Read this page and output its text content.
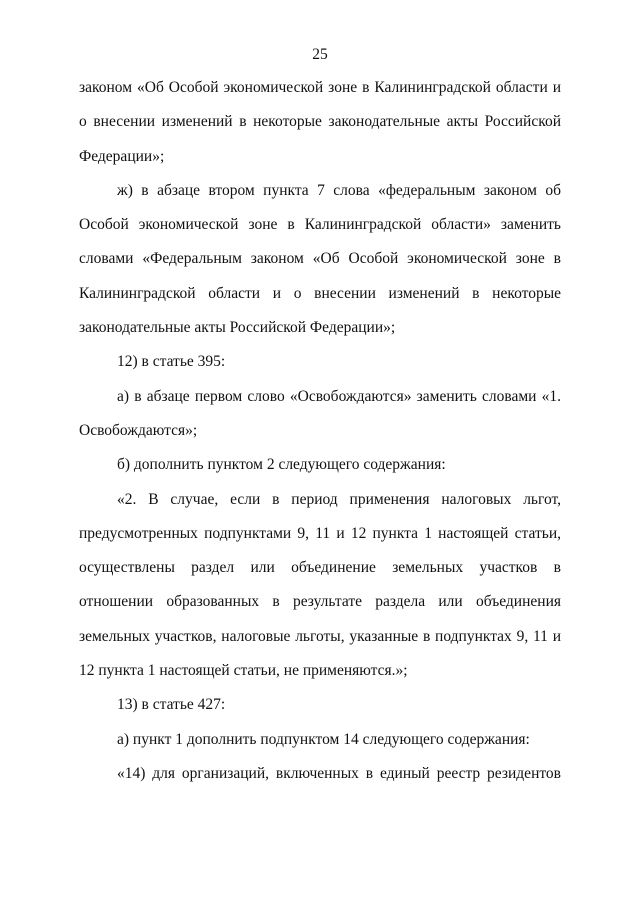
25

законом «Об Особой экономической зоне в Калининградской области и о внесении изменений в некоторые законодательные акты Российской Федерации»;

ж) в абзаце втором пункта 7 слова «федеральным законом об Особой экономической зоне в Калининградской области» заменить словами «Федеральным законом «Об Особой экономической зоне в Калининградской области и о внесении изменений в некоторые законодательные акты Российской Федерации»;

12) в статье 395:

а) в абзаце первом слово «Освобождаются» заменить словами «1. Освобождаются»;

б) дополнить пунктом 2 следующего содержания:

«2. В случае, если в период применения налоговых льгот, предусмотренных подпунктами 9, 11 и 12 пункта 1 настоящей статьи, осуществлены раздел или объединение земельных участков в отношении образованных в результате раздела или объединения земельных участков, налоговые льготы, указанные в подпунктах 9, 11 и 12 пункта 1 настоящей статьи, не применяются.»;

13) в статье 427:

а) пункт 1 дополнить подпунктом 14 следующего содержания:

«14) для организаций, включенных в единый реестр резидентов
